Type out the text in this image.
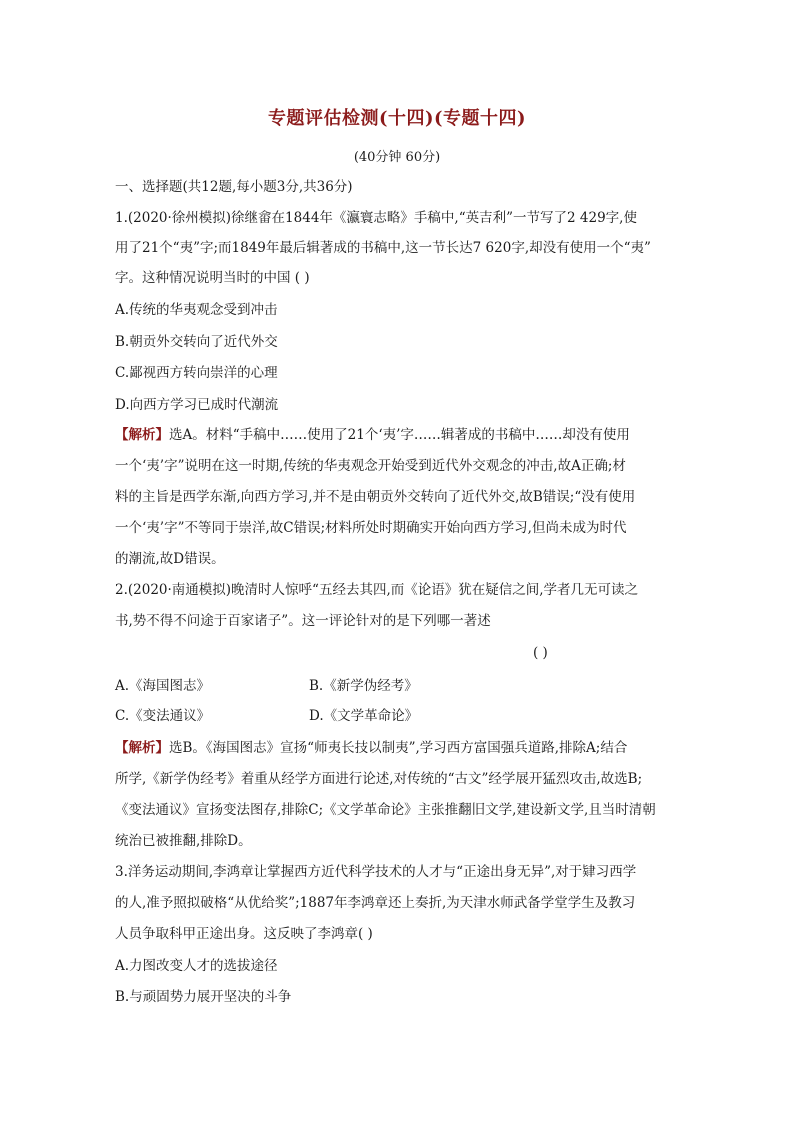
专题评估检测(十四)(专题十四)
(40分钟 60分)
一、选择题(共12题,每小题3分,共36分)
1.(2020·徐州模拟)徐继畲在1844年《瀛寰志略》手稿中,“英吉利”一节写了2 429字,使
用了21个“夷”字;而1849年最后辑著成的书稿中,这一节长达7 620字,却没有使用一个“夷”
字。这种情况说明当时的中国 ( )
A.传统的华夷观念受到冲击
B.朝贡外交转向了近代外交
C.鄙视西方转向崇洋的心理
D.向西方学习已成时代潮流
【解析】选A。材料“手稿中……使用了21个‘夷’字……辑著成的书稿中……却没有使用
一个‘夷’字”说明在这一时期,传统的华夷观念开始受到近代外交观念的冲击,故A正确;材
料的主旨是西学东渐,向西方学习,并不是由朝贡外交转向了近代外交,故B错误;“没有使用
一个‘夷’字”不等同于崇洋,故C错误;材料所处时期确实开始向西方学习,但尚未成为时代
的潮流,故D错误。
2.(2020·南通模拟)晚清时人惊呼“五经去其四,而《论语》犹在疑信之间,学者几无可读之
书,势不得不问途于百家诸子”。这一评论针对的是下列哪一著述
( )
A.《海国图志》	B.《新学伪经考》
C.《变法通议》	D.《文学革命论》
【解析】选B。《海国图志》宣扬“师夷长技以制夷”,学习西方富国强兵道路,排除A;结合
所学,《新学伪经考》着重从经学方面进行论述,对传统的“古文”经学展开猛烈攻击,故选B;
《变法通议》宣扬变法图存,排除C;《文学革命论》主张推翻旧文学,建设新文学,且当时清朝
统治已被推翻,排除D。
3.洋务运动期间,李鸿章让掌握西方近代科学技术的人才与“正途出身无异”,对于肄习西学
的人,准予照拟破格“从优给奖”;1887年李鸿章还上奏折,为天津水师武备学堂学生及教习
人员争取科甲正途出身。这反映了李鸿章( )
A.力图改变人才的选拔途径
B.与顽固势力展开坚决的斗争
